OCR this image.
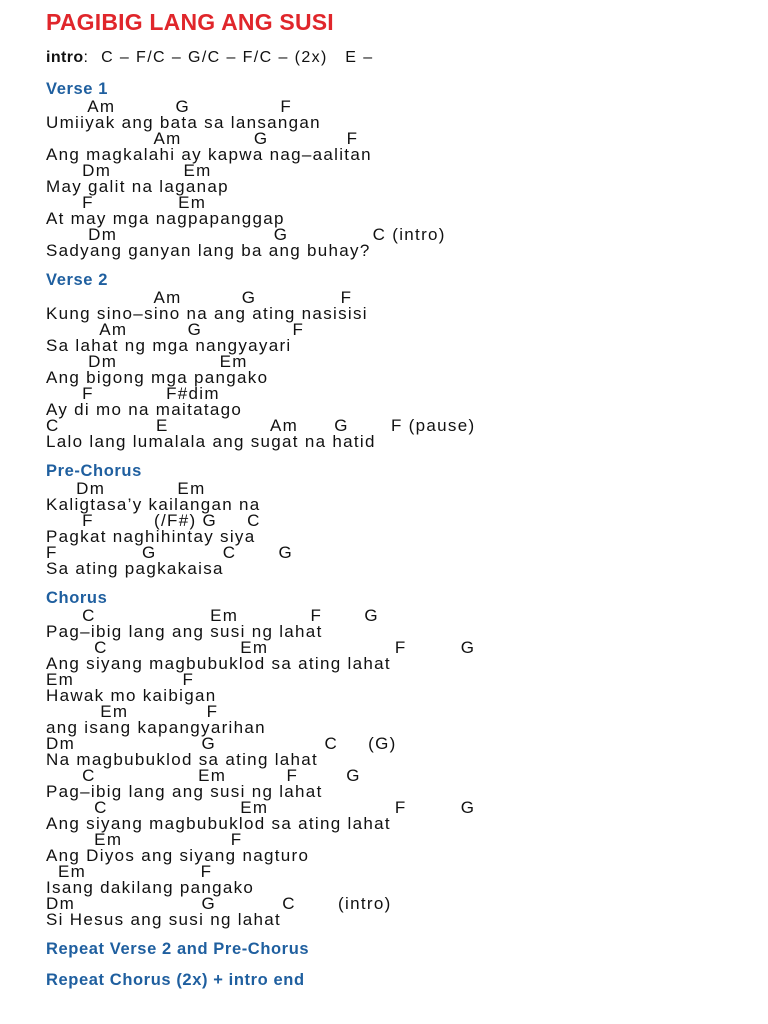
PAGIBIG LANG ANG SUSI
intro:  C – F/C – G/C – F/C – (2x)   E –
Verse 1
Am          G               F
Umiiyak ang bata sa lansangan
Am            G             F
Ang magkalahi ay kapwa nag–aalitan
Dm            Em
May galit na laganap
F              Em
At may mga nagpapanggap
Dm                          G              C (intro)
Sadyang ganyan lang ba ang buhay?
Verse 2
Am          G              F
Kung sino–sino na ang ating nasisisi
Am          G               F
Sa lahat ng mga nangyayari
Dm                 Em
Ang bigong mga pangako
F            F#dim
Ay di mo na maitatago
C                E                 Am      G       F (pause)
Lalo lang lumalala ang sugat na hatid
Pre-Chorus
Dm            Em
Kaligtasa’y kailangan na
F          (/F#) G     C
Pagkat naghihintay siya
F              G           C       G
Sa ating pagkakaisa
Chorus
C                   Em            F       G
Pag–ibig lang ang susi ng lahat
C                      Em                     F         G
Ang siyang magbubuklod sa ating lahat
Em                  F
Hawak mo kaibigan
Em             F
ang isang kapangyarihan
Dm                     G                  C     (G)
Na magbubuklod sa ating lahat
C                 Em          F        G
Pag–ibig lang ang susi ng lahat
C                      Em                     F         G
Ang siyang magbubuklod sa ating lahat
Em                  F
Ang Diyos ang siyang nagturo
Em                   F
Isang dakilang pangako
Dm                     G           C       (intro)
Si Hesus ang susi ng lahat
Repeat Verse 2 and Pre-Chorus
Repeat Chorus (2x) + intro end
